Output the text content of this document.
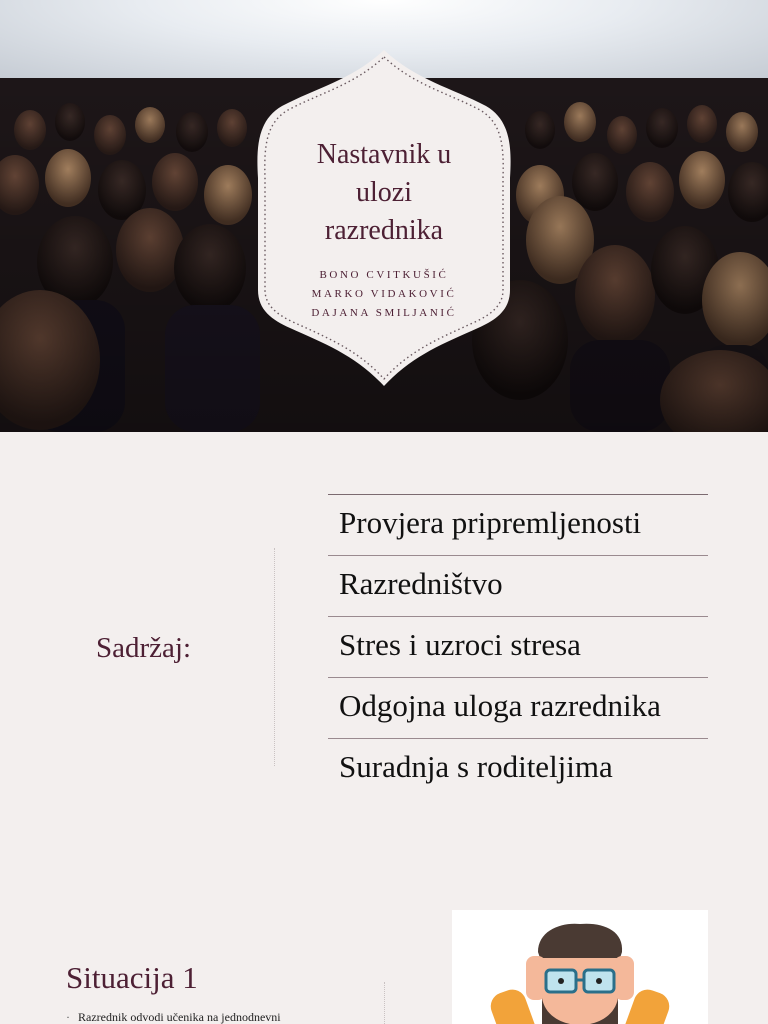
Nastavnik u
ulozi
razrednika
BONO CVITKUŠIĆ
MARKO VIDAKOVIĆ
DAJANA SMILJANIĆ
Sadržaj:
Provjera pripremljenosti
Razredništvo
Stres i uzroci stresa
Odgojna uloga razrednika
Suradnja s roditeljima
Situacija 1
· Razrednik odvodi učenika na jednodnevni
